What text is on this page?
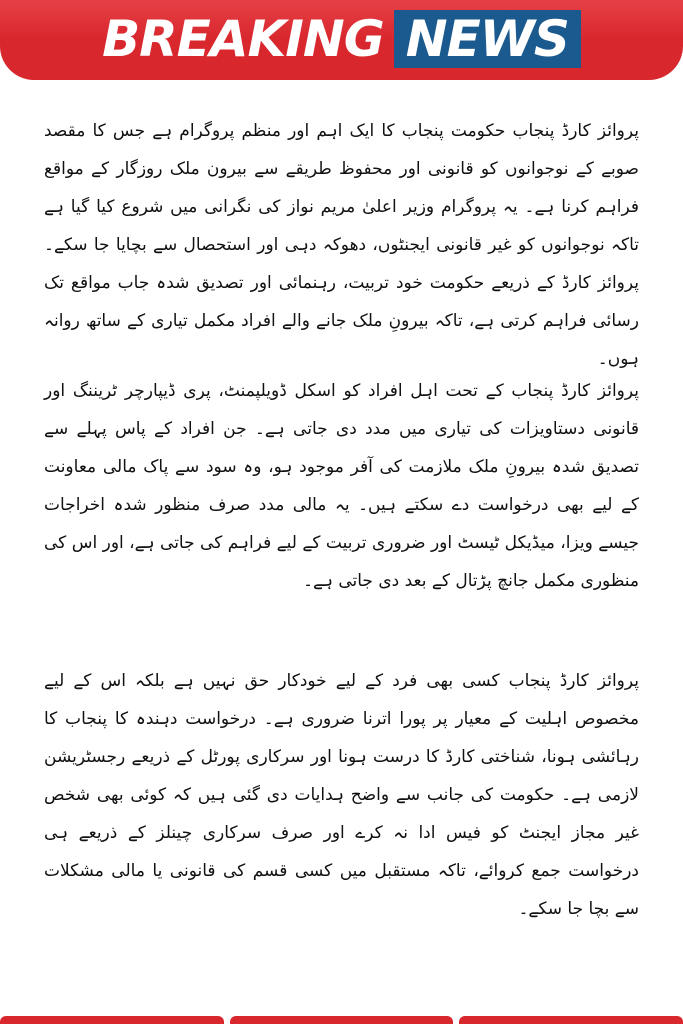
BREAKING NEWS

پروائز کارڈ پنجاب حکومت پنجاب کا ایک اہم اور منظم پروگرام ہے جس کا مقصد صوبے کے نوجوانوں کو قانونی اور محفوظ طریقے سے بیرون ملک روزگار کے مواقع فراہم کرنا ہے۔ یہ پروگرام وزیر اعلیٰ مریم نواز کی نگرانی میں شروع کیا گیا ہے تاکہ نوجوانوں کو غیر قانونی ایجنٹوں، دھوکہ دہی اور استحصال سے بچایا جا سکے۔ پروائز کارڈ کے ذریعے حکومت خود تربیت، رہنمائی اور تصدیق شدہ جاب مواقع تک رسائی فراہم کرتی ہے، تاکہ بیرونِ ملک جانے والے افراد مکمل تیاری کے ساتھ روانہ ہوں۔

پروائز کارڈ پنجاب کے تحت اہل افراد کو اسکل ڈویلپمنٹ، پری ڈیپارچر ٹریننگ اور قانونی دستاویزات کی تیاری میں مدد دی جاتی ہے۔ جن افراد کے پاس پہلے سے تصدیق شدہ بیرونِ ملک ملازمت کی آفر موجود ہو، وہ سود سے پاک مالی معاونت کے لیے بھی درخواست دے سکتے ہیں۔ یہ مالی مدد صرف منظور شدہ اخراجات جیسے ویزا، میڈیکل ٹیسٹ اور ضروری تربیت کے لیے فراہم کی جاتی ہے، اور اس کی منظوری مکمل جانچ پڑتال کے بعد دی جاتی ہے۔

پروائز کارڈ پنجاب کسی بھی فرد کے لیے خودکار حق نہیں ہے بلکہ اس کے لیے مخصوص اہلیت کے معیار پر پورا اترنا ضروری ہے۔ درخواست دہندہ کا پنجاب کا رہائشی ہونا، شناختی کارڈ کا درست ہونا اور سرکاری پورٹل کے ذریعے رجسٹریشن لازمی ہے۔ حکومت کی جانب سے واضح ہدایات دی گئی ہیں کہ کوئی بھی شخص غیر مجاز ایجنٹ کو فیس ادا نہ کرے اور صرف سرکاری چینلز کے ذریعے ہی درخواست جمع کروائے، تاکہ مستقبل میں کسی قسم کی قانونی یا مالی مشکلات سے بچا جا سکے۔
